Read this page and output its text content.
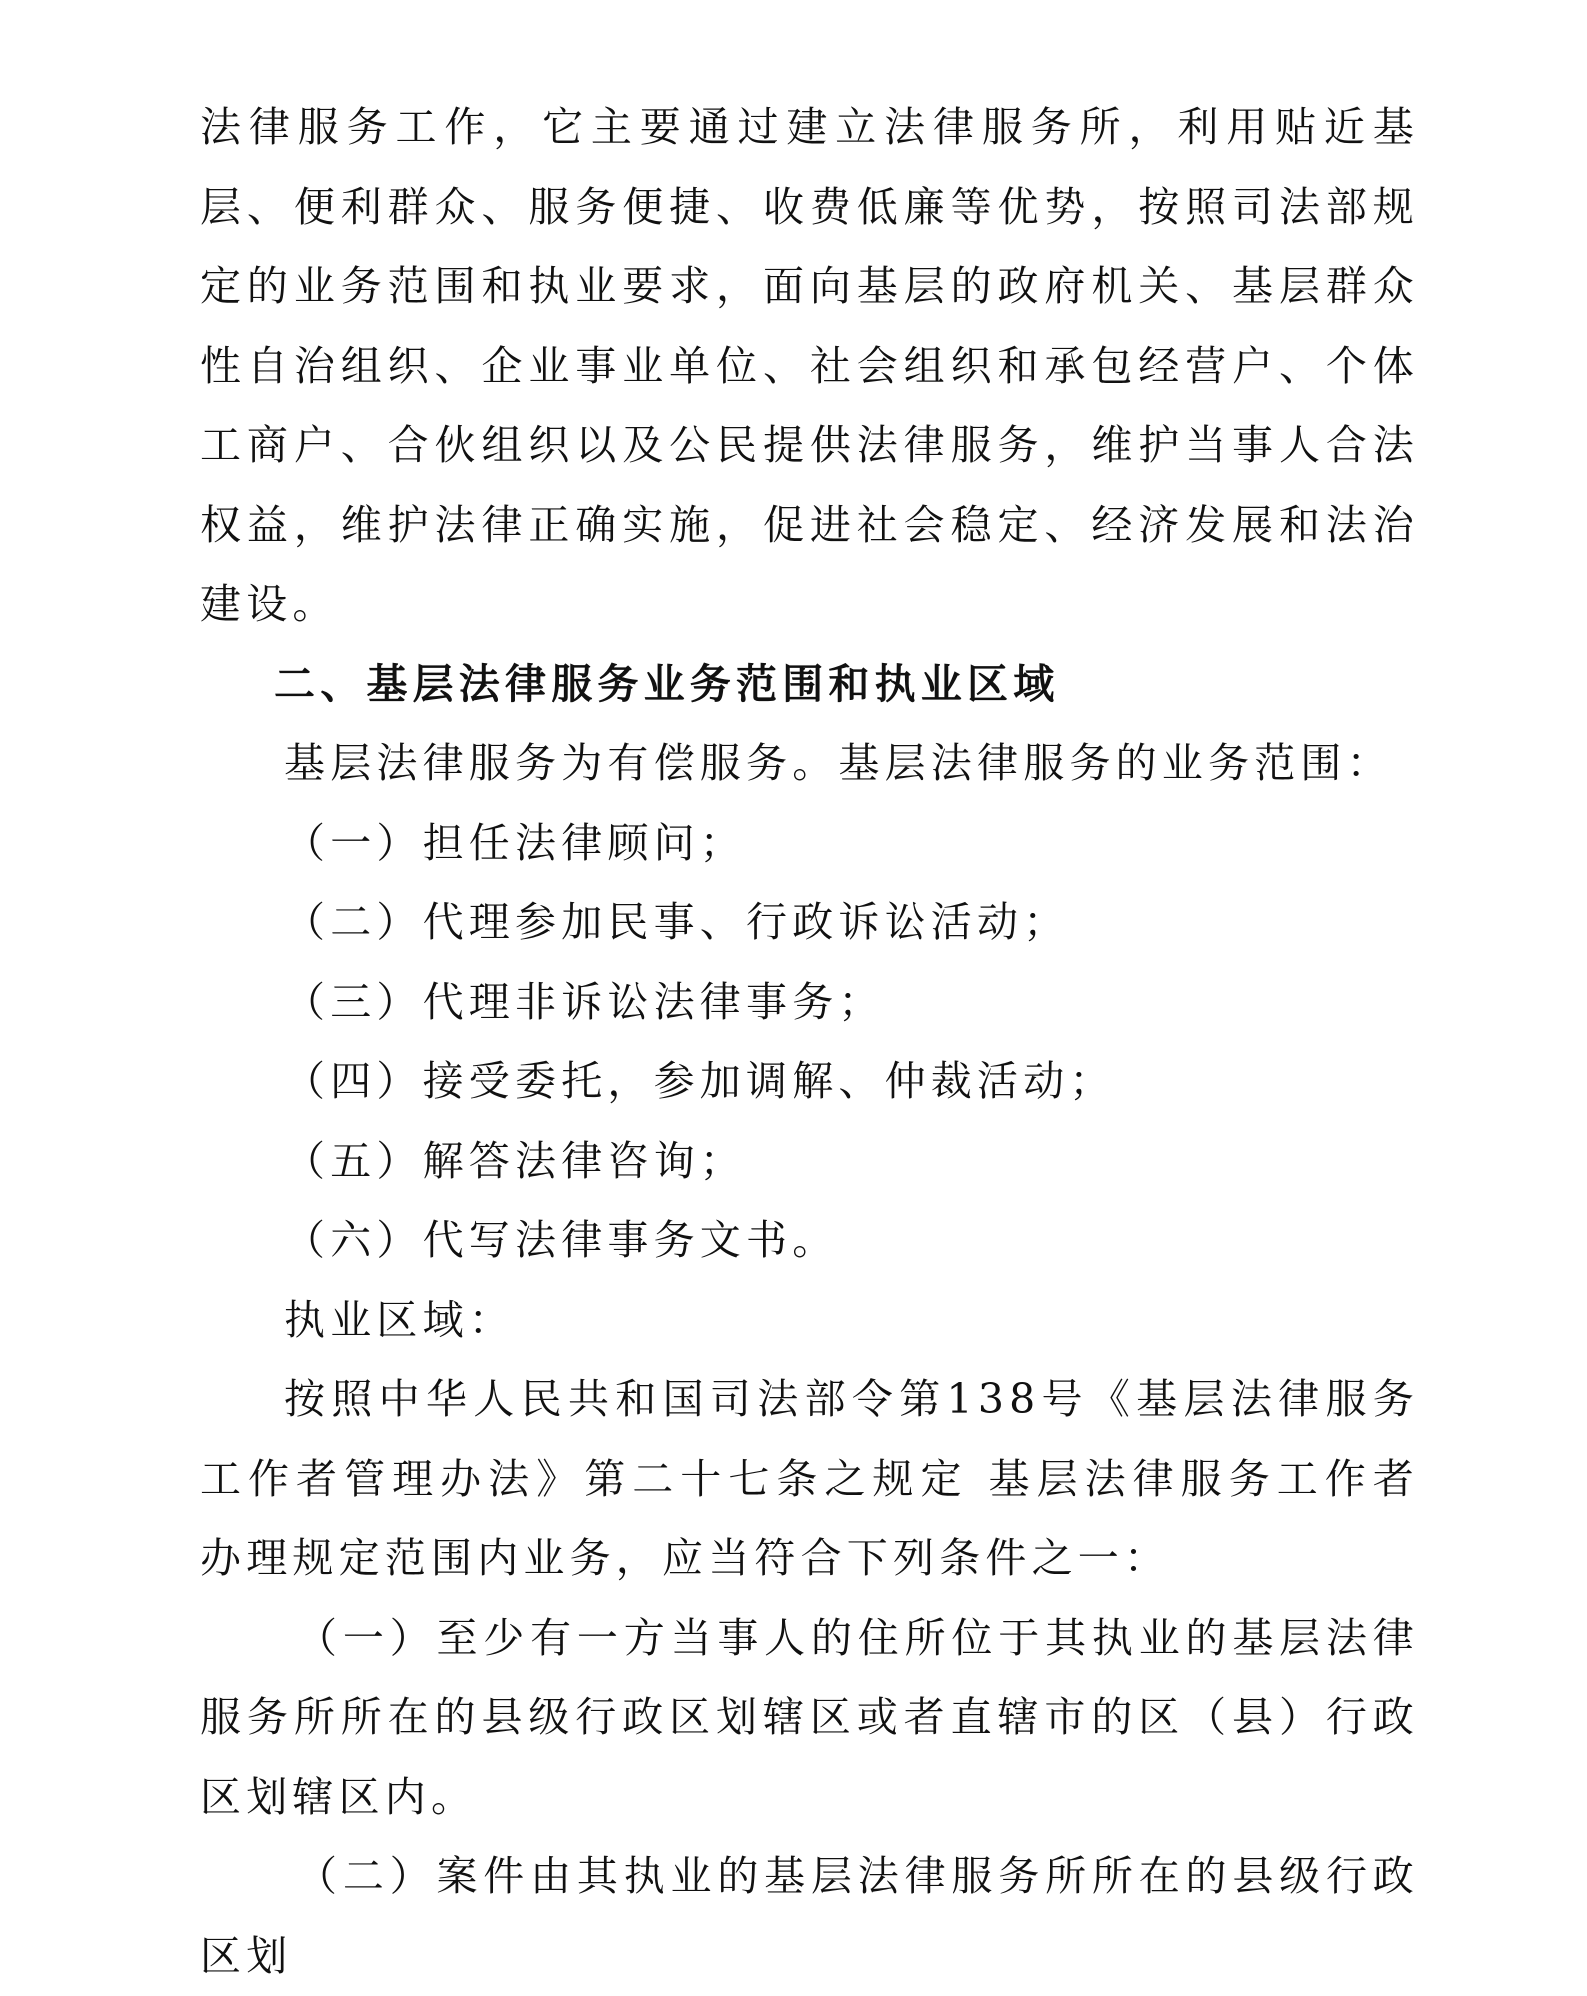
法律服务工作，它主要通过建立法律服务所，利用贴近基层、便利群众、服务便捷、收费低廉等优势，按照司法部规定的业务范围和执业要求，面向基层的政府机关、基层群众性自治组织、企业事业单位、社会组织和承包经营户、个体工商户、合伙组织以及公民提供法律服务，维护当事人合法权益，维护法律正确实施，促进社会稳定、经济发展和法治建设。

二、基层法律服务业务范围和执业区域

基层法律服务为有偿服务。基层法律服务的业务范围：

（一）担任法律顾问；

（二）代理参加民事、行政诉讼活动；

（三）代理非诉讼法律事务；

（四）接受委托，参加调解、仲裁活动；

（五）解答法律咨询；

（六）代写法律事务文书。

执业区域：

按照中华人民共和国司法部令第138号《基层法律服务工作者管理办法》第二十七条之规定 基层法律服务工作者办理规定范围内业务，应当符合下列条件之一：

（一）至少有一方当事人的住所位于其执业的基层法律服务所所在的县级行政区划辖区或者直辖市的区（县）行政区划辖区内。

（二）案件由其执业的基层法律服务所所在的县级行政区划
